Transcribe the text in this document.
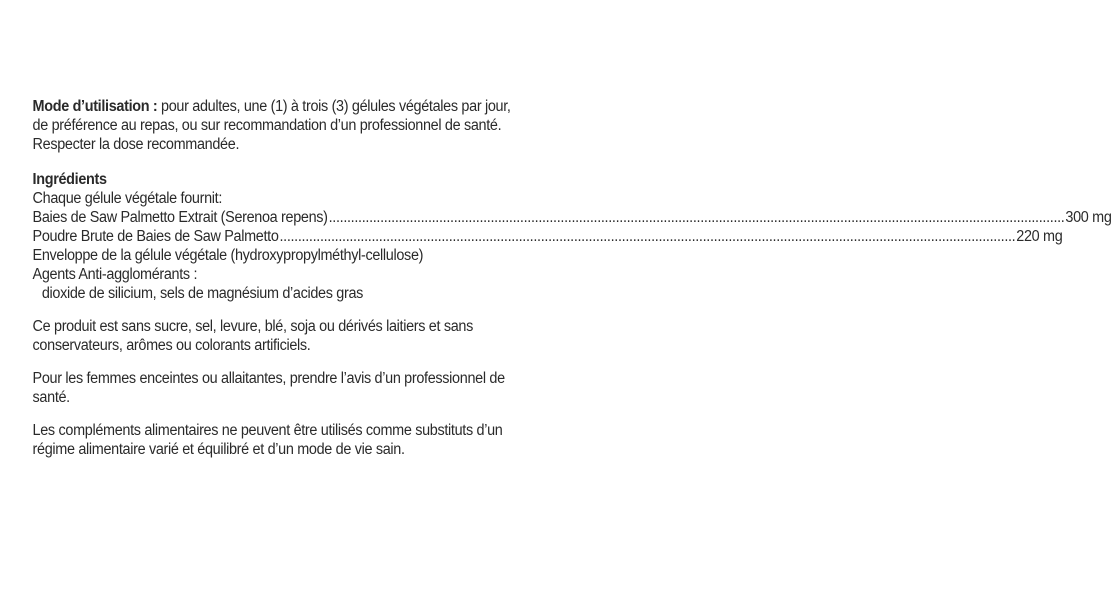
Mode d’utilisation : pour adultes, une (1) à trois (3) gélules végétales par jour,
de préférence au repas, ou sur recommandation d’un professionnel de santé.
Respecter la dose recommandée.
Ingrédients
Chaque gélule végétale fournit:
Baies de Saw Palmetto Extrait (Serenoa repens) ........................................................................................................................................................................................................ 300 mg
Poudre Brute de Baies de Saw Palmetto ........................................................................................................................................................................................................ 220 mg
Enveloppe de la gélule végétale (hydroxypropylméthyl-cellulose)
Agents Anti-agglomérants :
dioxide de silicium, sels de magnésium d’acides gras
Ce produit est sans sucre, sel, levure, blé, soja ou dérivés laitiers et sans
conservateurs, arômes ou colorants artificiels.
Pour les femmes enceintes ou allaitantes, prendre l’avis d’un professionnel de
santé.
Les compléments alimentaires ne peuvent être utilisés comme substituts d’un
régime alimentaire varié et équilibré et d’un mode de vie sain.
